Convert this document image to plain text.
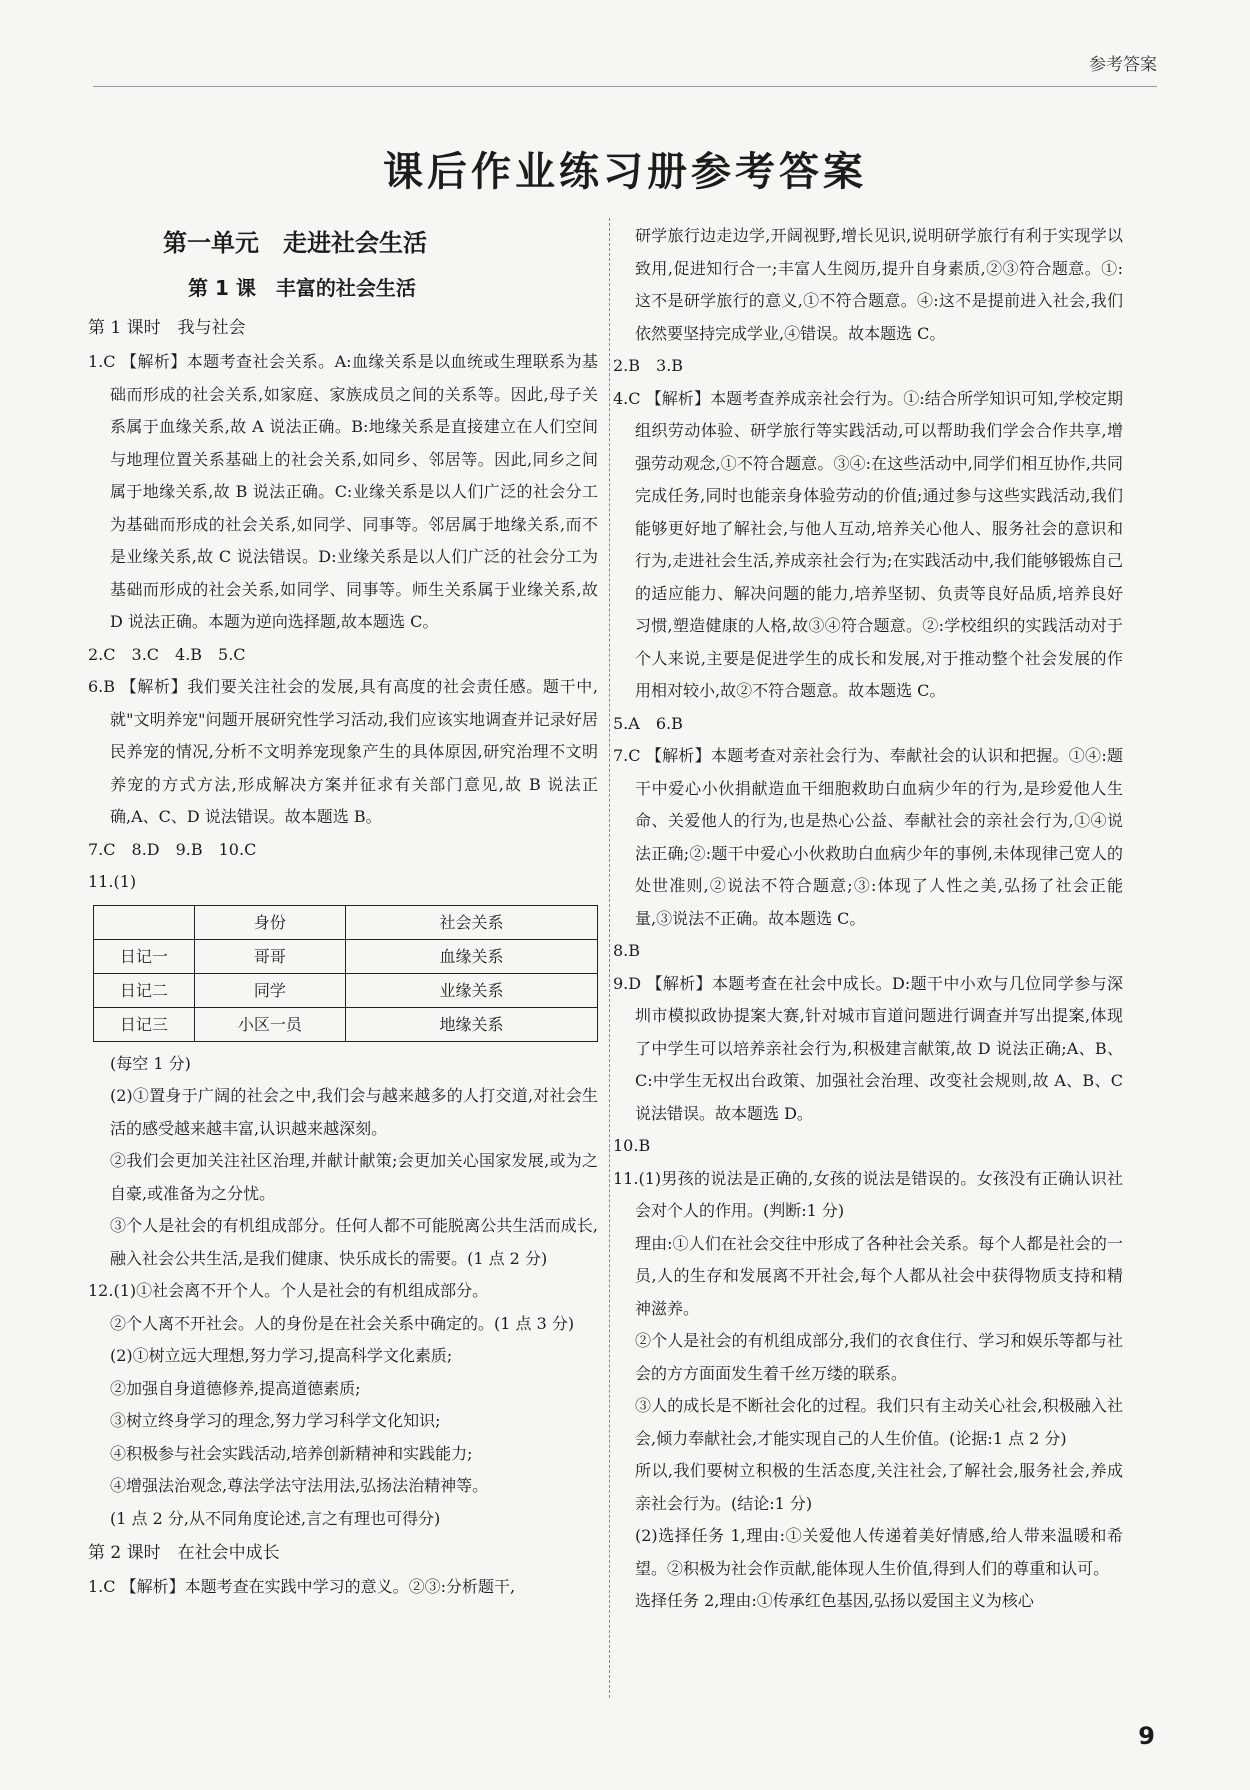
参考答案
课后作业练习册参考答案

第一单元　走进社会生活

第 1 课　丰富的社会生活

第 1 课时　我与社会

1.C 【解析】本题考查社会关系。A:血缘关系是以血统或生理联系为基础而形成的社会关系,如家庭、家族成员之间的关系等。因此,母子关系属于血缘关系,故 A 说法正确。B:地缘关系是直接建立在人们空间与地理位置关系基础上的社会关系,如同乡、邻居等。因此,同乡之间属于地缘关系,故 B 说法正确。C:业缘关系是以人们广泛的社会分工为基础而形成的社会关系,如同学、同事等。邻居属于地缘关系,而不是业缘关系,故 C 说法错误。D:业缘关系是以人们广泛的社会分工为基础而形成的社会关系,如同学、同事等。师生关系属于业缘关系,故 D 说法正确。本题为逆向选择题,故本题选 C。

2.C　3.C　4.B　5.C

6.B 【解析】我们要关注社会的发展,具有高度的社会责任感。题干中,就"文明养宠"问题开展研究性学习活动,我们应该实地调查并记录好居民养宠的情况,分析不文明养宠现象产生的具体原因,研究治理不文明养宠的方式方法,形成解决方案并征求有关部门意见,故 B 说法正确,A、C、D 说法错误。故本题选 B。

7.C　8.D　9.B　10.C

11.(1)

	身份	社会关系
日记一	哥哥	血缘关系
日记二	同学	业缘关系
日记三	小区一员	地缘关系

(每空 1 分)

(2)①置身于广阔的社会之中,我们会与越来越多的人打交道,对社会生活的感受越来越丰富,认识越来越深刻。

②我们会更加关注社区治理,并献计献策;会更加关心国家发展,或为之自豪,或准备为之分忧。

③个人是社会的有机组成部分。任何人都不可能脱离公共生活而成长,融入社会公共生活,是我们健康、快乐成长的需要。(1 点 2 分)

12.(1)①社会离不开个人。个人是社会的有机组成部分。

②个人离不开社会。人的身份是在社会关系中确定的。(1 点 3 分)

(2)①树立远大理想,努力学习,提高科学文化素质;

②加强自身道德修养,提高道德素质;

③树立终身学习的理念,努力学习科学文化知识;

④积极参与社会实践活动,培养创新精神和实践能力;

④增强法治观念,尊法学法守法用法,弘扬法治精神等。

(1 点 2 分,从不同角度论述,言之有理也可得分)

第 2 课时　在社会中成长

1.C 【解析】本题考查在实践中学习的意义。②③:分析题干,

研学旅行边走边学,开阔视野,增长见识,说明研学旅行有利于实现学以致用,促进知行合一;丰富人生阅历,提升自身素质,②③符合题意。①:这不是研学旅行的意义,①不符合题意。④:这不是提前进入社会,我们依然要坚持完成学业,④错误。故本题选 C。

2.B　3.B

4.C 【解析】本题考查养成亲社会行为。①:结合所学知识可知,学校定期组织劳动体验、研学旅行等实践活动,可以帮助我们学会合作共享,增强劳动观念,①不符合题意。③④:在这些活动中,同学们相互协作,共同完成任务,同时也能亲身体验劳动的价值;通过参与这些实践活动,我们能够更好地了解社会,与他人互动,培养关心他人、服务社会的意识和行为,走进社会生活,养成亲社会行为;在实践活动中,我们能够锻炼自己的适应能力、解决问题的能力,培养坚韧、负责等良好品质,培养良好习惯,塑造健康的人格,故③④符合题意。②:学校组织的实践活动对于个人来说,主要是促进学生的成长和发展,对于推动整个社会发展的作用相对较小,故②不符合题意。故本题选 C。

5.A　6.B

7.C 【解析】本题考查对亲社会行为、奉献社会的认识和把握。①④:题干中爱心小伙捐献造血干细胞救助白血病少年的行为,是珍爱他人生命、关爱他人的行为,也是热心公益、奉献社会的亲社会行为,①④说法正确;②:题干中爱心小伙救助白血病少年的事例,未体现律己宽人的处世准则,②说法不符合题意;③:体现了人性之美,弘扬了社会正能量,③说法不正确。故本题选 C。

8.B

9.D 【解析】本题考查在社会中成长。D:题干中小欢与几位同学参与深圳市模拟政协提案大赛,针对城市盲道问题进行调查并写出提案,体现了中学生可以培养亲社会行为,积极建言献策,故 D 说法正确;A、B、C:中学生无权出台政策、加强社会治理、改变社会规则,故 A、B、C 说法错误。故本题选 D。

10.B

11.(1)男孩的说法是正确的,女孩的说法是错误的。女孩没有正确认识社会对个人的作用。(判断:1 分)

理由:①人们在社会交往中形成了各种社会关系。每个人都是社会的一员,人的生存和发展离不开社会,每个人都从社会中获得物质支持和精神滋养。

②个人是社会的有机组成部分,我们的衣食住行、学习和娱乐等都与社会的方方面面发生着千丝万缕的联系。

③人的成长是不断社会化的过程。我们只有主动关心社会,积极融入社会,倾力奉献社会,才能实现自己的人生价值。(论据:1 点 2 分)

所以,我们要树立积极的生活态度,关注社会,了解社会,服务社会,养成亲社会行为。(结论:1 分)

(2)选择任务 1,理由:①关爱他人传递着美好情感,给人带来温暖和希望。②积极为社会作贡献,能体现人生价值,得到人们的尊重和认可。

选择任务 2,理由:①传承红色基因,弘扬以爱国主义为核心

9
